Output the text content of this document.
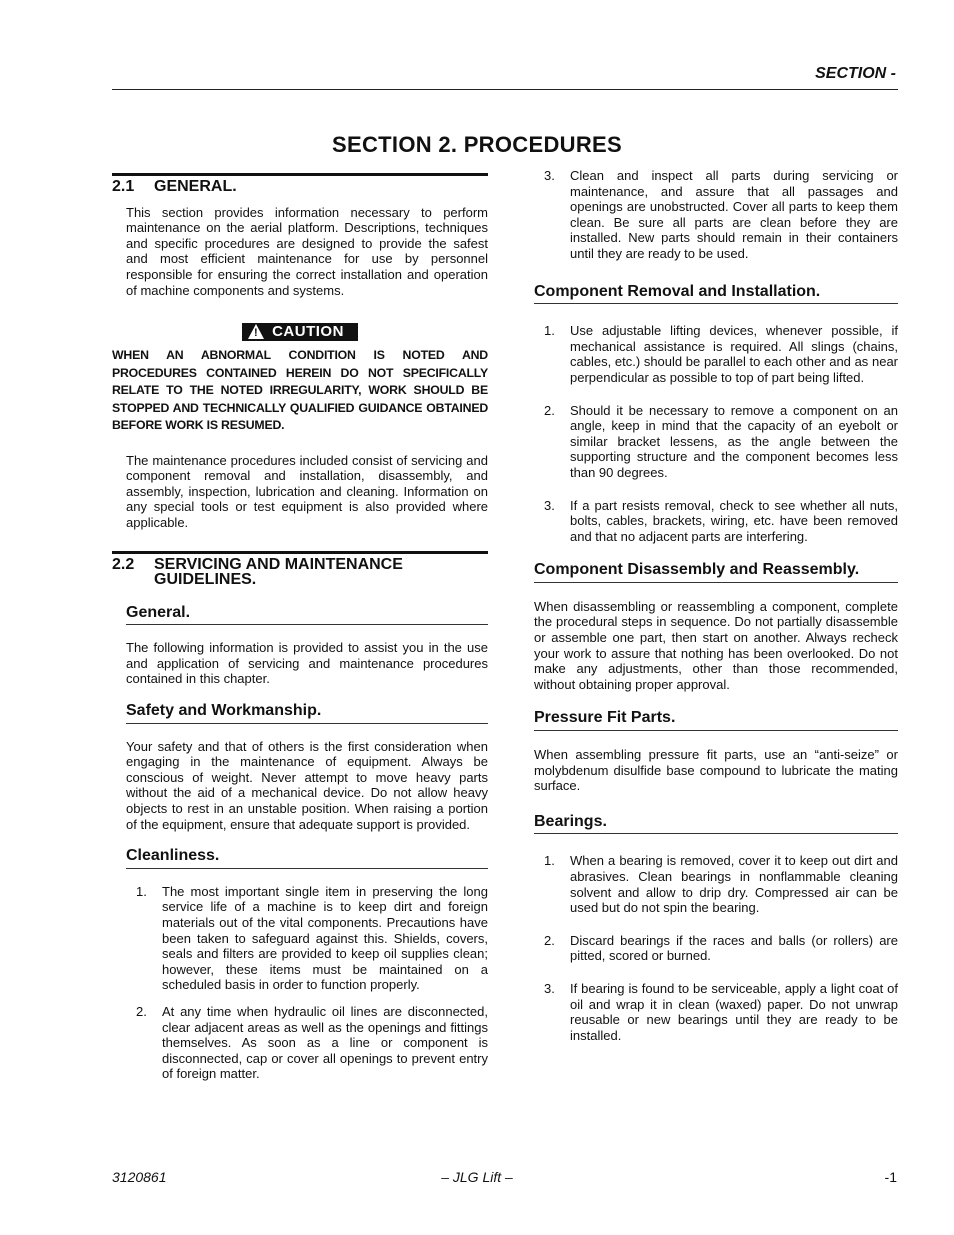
SECTION -
SECTION 2. PROCEDURES
2.1	GENERAL.

This section provides information necessary to perform maintenance on the aerial platform. Descriptions, techniques and specific procedures are designed to provide the safest and most efficient maintenance for use by personnel responsible for ensuring the correct installation and operation of machine components and systems.

! CAUTION
WHEN AN ABNORMAL CONDITION IS NOTED AND PROCEDURES CONTAINED HEREIN DO NOT SPECIFICALLY RELATE TO THE NOTED IRREGULARITY, WORK SHOULD BE STOPPED AND TECHNICALLY QUALIFIED GUIDANCE OBTAINED BEFORE WORK IS RESUMED.

The maintenance procedures included consist of servicing and component removal and installation, disassembly, and assembly, inspection, lubrication and cleaning. Information on any special tools or test equipment is also provided where applicable.

2.2	SERVICING AND MAINTENANCE GUIDELINES.
General.

The following information is provided to assist you in the use and application of servicing and maintenance procedures contained in this chapter.

Safety and Workmanship.

Your safety and that of others is the first consideration when engaging in the maintenance of equipment. Always be conscious of weight. Never attempt to move heavy parts without the aid of a mechanical device. Do not allow heavy objects to rest in an unstable position. When raising a portion of the equipment, ensure that adequate support is provided.

Cleanliness.
1.	The most important single item in preserving the long service life of a machine is to keep dirt and foreign materials out of the vital components. Precautions have been taken to safeguard against this. Shields, covers, seals and filters are provided to keep oil supplies clean; however, these items must be maintained on a scheduled basis in order to function properly.
2.	At any time when hydraulic oil lines are disconnected, clear adjacent areas as well as the openings and fittings themselves. As soon as a line or component is disconnected, cap or cover all openings to prevent entry of foreign matter.
3.	Clean and inspect all parts during servicing or maintenance, and assure that all passages and openings are unobstructed. Cover all parts to keep them clean. Be sure all parts are clean before they are installed. New parts should remain in their containers until they are ready to be used.
Component Removal and Installation.
1.	Use adjustable lifting devices, whenever possible, if mechanical assistance is required. All slings (chains, cables, etc.) should be parallel to each other and as near perpendicular as possible to top of part being lifted.
2.	Should it be necessary to remove a component on an angle, keep in mind that the capacity of an eyebolt or similar bracket lessens, as the angle between the supporting structure and the component becomes less than 90 degrees.
3.	If a part resists removal, check to see whether all nuts, bolts, cables, brackets, wiring, etc. have been removed and that no adjacent parts are interfering.
Component Disassembly and Reassembly.

When disassembling or reassembling a component, complete the procedural steps in sequence. Do not partially disassemble or assemble one part, then start on another. Always recheck your work to assure that nothing has been overlooked. Do not make any adjustments, other than those recommended, without obtaining proper approval.

Pressure Fit Parts.

When assembling pressure fit parts, use an “anti-seize” or molybdenum disulfide base compound to lubricate the mating surface.

Bearings.
1.	When a bearing is removed, cover it to keep out dirt and abrasives. Clean bearings in nonflammable cleaning solvent and allow to drip dry. Compressed air can be used but do not spin the bearing.
2.	Discard bearings if the races and balls (or rollers) are pitted, scored or burned.
3.	If bearing is found to be serviceable, apply a light coat of oil and wrap it in clean (waxed) paper. Do not unwrap reusable or new bearings until they are ready to be installed.
3120861	– JLG Lift –	-1
